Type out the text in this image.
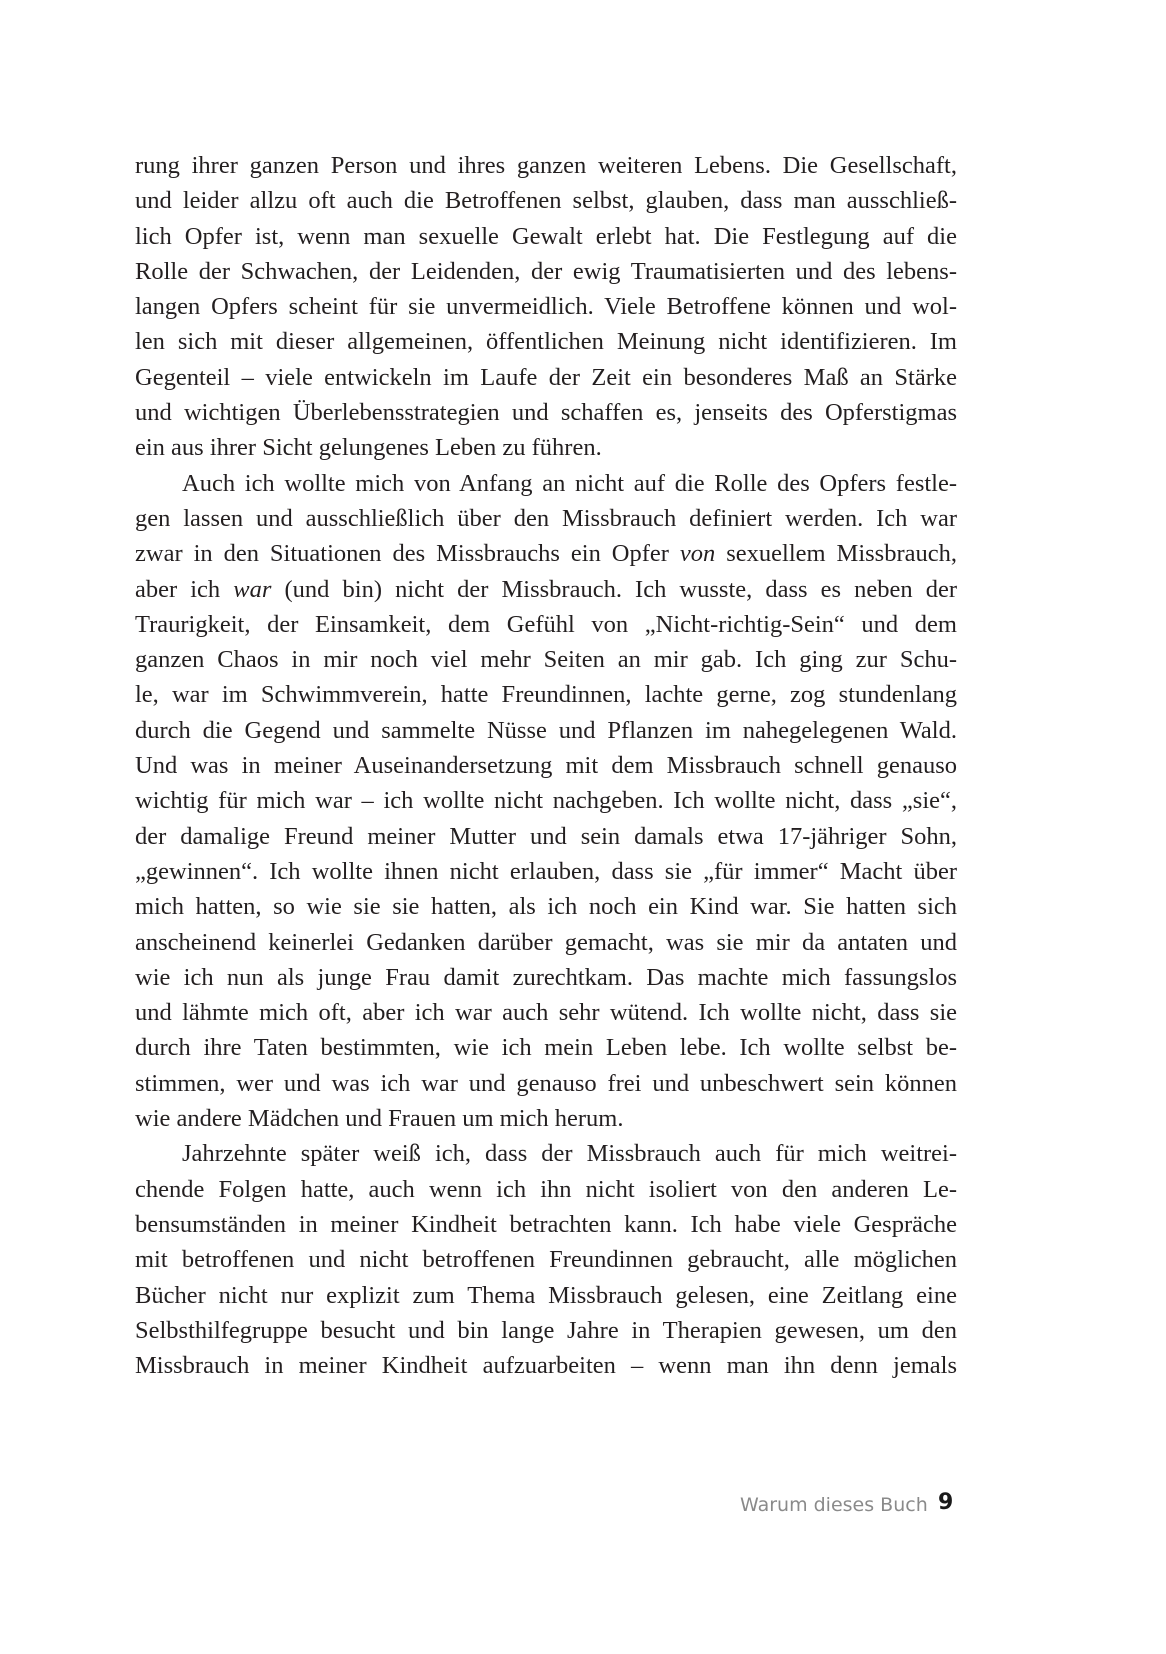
rung ihrer ganzen Person und ihres ganzen weiteren Lebens. Die Gesellschaft,
und leider allzu oft auch die Betroffenen selbst, glauben, dass man ausschließ-
lich Opfer ist, wenn man sexuelle Gewalt erlebt hat. Die Festlegung auf die
Rolle der Schwachen, der Leidenden, der ewig Traumatisierten und des lebens-
langen Opfers scheint für sie unvermeidlich. Viele Betroffene können und wol-
len sich mit dieser allgemeinen, öffentlichen Meinung nicht identifizieren. Im
Gegenteil – viele entwickeln im Laufe der Zeit ein besonderes Maß an Stärke
und wichtigen Überlebensstrategien und schaffen es, jenseits des Opferstigmas
ein aus ihrer Sicht gelungenes Leben zu führen.
Auch ich wollte mich von Anfang an nicht auf die Rolle des Opfers festle-
gen lassen und ausschließlich über den Missbrauch definiert werden. Ich war
zwar in den Situationen des Missbrauchs ein Opfer von sexuellem Missbrauch,
aber ich war (und bin) nicht der Missbrauch. Ich wusste, dass es neben der
Traurigkeit, der Einsamkeit, dem Gefühl von „Nicht-richtig-Sein“ und dem
ganzen Chaos in mir noch viel mehr Seiten an mir gab. Ich ging zur Schu-
le, war im Schwimmverein, hatte Freundinnen, lachte gerne, zog stundenlang
durch die Gegend und sammelte Nüsse und Pflanzen im nahegelegenen Wald.
Und was in meiner Auseinandersetzung mit dem Missbrauch schnell genauso
wichtig für mich war – ich wollte nicht nachgeben. Ich wollte nicht, dass „sie“,
der damalige Freund meiner Mutter und sein damals etwa 17-jähriger Sohn,
„gewinnen“. Ich wollte ihnen nicht erlauben, dass sie „für immer“ Macht über
mich hatten, so wie sie sie hatten, als ich noch ein Kind war. Sie hatten sich
anscheinend keinerlei Gedanken darüber gemacht, was sie mir da antaten und
wie ich nun als junge Frau damit zurechtkam. Das machte mich fassungslos
und lähmte mich oft, aber ich war auch sehr wütend. Ich wollte nicht, dass sie
durch ihre Taten bestimmten, wie ich mein Leben lebe. Ich wollte selbst be-
stimmen, wer und was ich war und genauso frei und unbeschwert sein können
wie andere Mädchen und Frauen um mich herum.
Jahrzehnte später weiß ich, dass der Missbrauch auch für mich weitrei-
chende Folgen hatte, auch wenn ich ihn nicht isoliert von den anderen Le-
bensumständen in meiner Kindheit betrachten kann. Ich habe viele Gespräche
mit betroffenen und nicht betroffenen Freundinnen gebraucht, alle möglichen
Bücher nicht nur explizit zum Thema Missbrauch gelesen, eine Zeitlang eine
Selbsthilfegruppe besucht und bin lange Jahre in Therapien gewesen, um den
Missbrauch in meiner Kindheit aufzuarbeiten – wenn man ihn denn jemals
Warum dieses Buch 9
